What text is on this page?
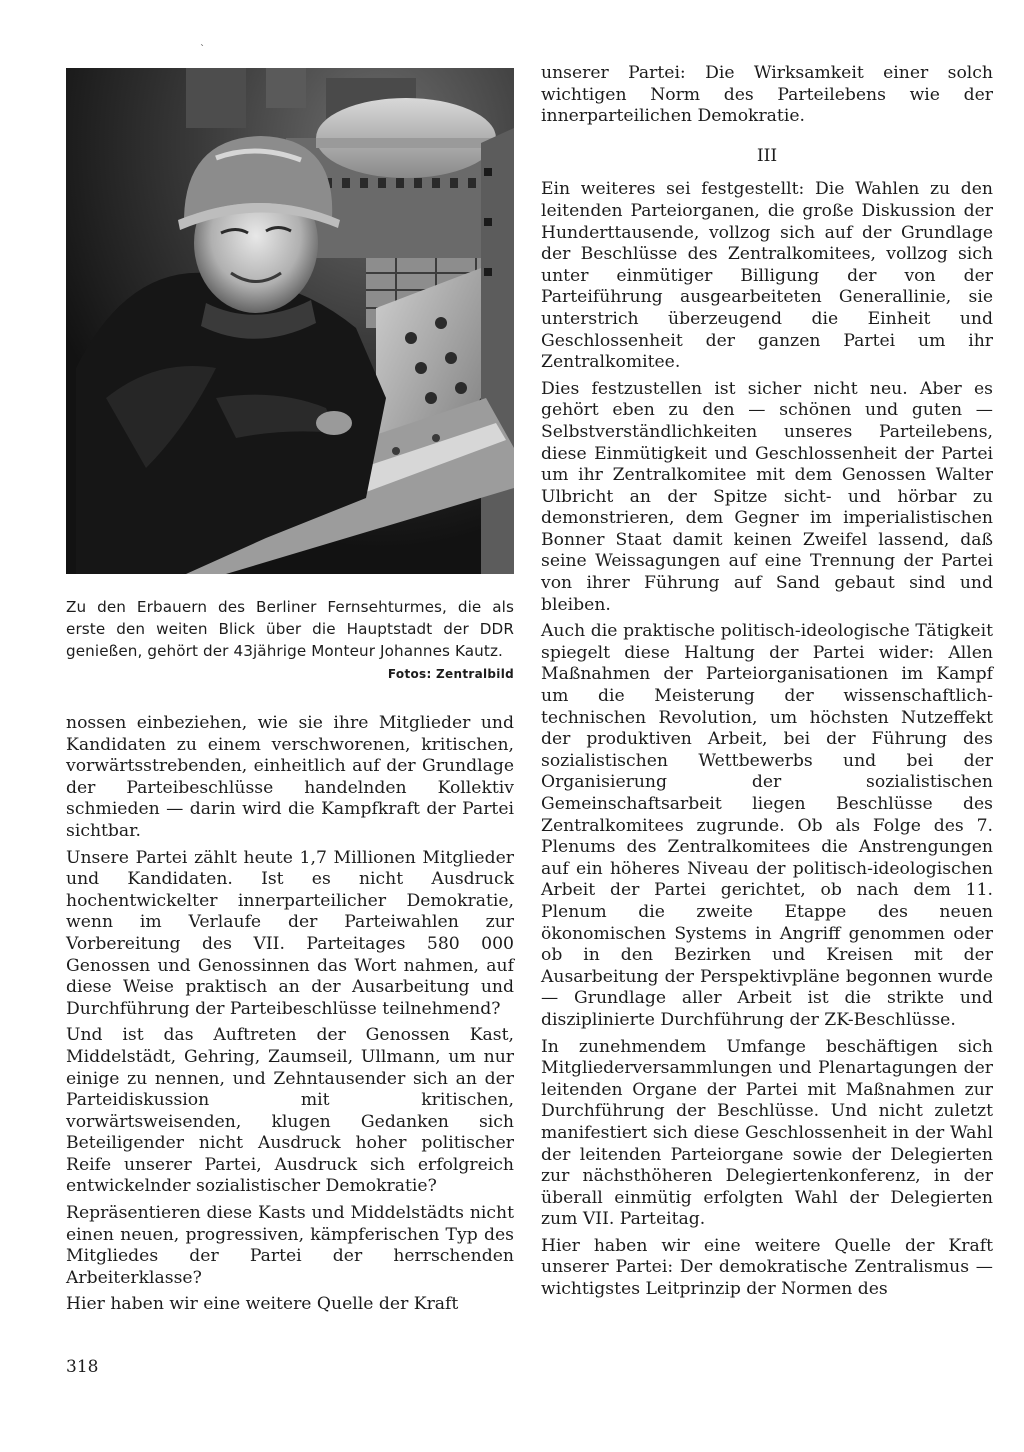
`
Zu den Erbauern des Berliner Fernsehturmes, die als erste den weiten Blick über die Hauptstadt der DDR genießen, gehört der 43jährige Monteur Johannes Kautz.
Fotos: Zentralbild

nossen einbeziehen, wie sie ihre Mitglieder und Kandidaten zu einem verschworenen, kritischen, vorwärtsstrebenden, einheitlich auf der Grundlage der Parteibeschlüsse handelnden Kollektiv schmieden — darin wird die Kampfkraft der Partei sichtbar.

Unsere Partei zählt heute 1,7 Millionen Mitglieder und Kandidaten. Ist es nicht Ausdruck hochentwickelter innerparteilicher Demokratie, wenn im Verlaufe der Parteiwahlen zur Vorbereitung des VII. Parteitages 580 000 Genossen und Genossinnen das Wort nahmen, auf diese Weise praktisch an der Ausarbeitung und Durchführung der Parteibeschlüsse teilnehmend?

Und ist das Auftreten der Genossen Kast, Middelstädt, Gehring, Zaumseil, Ullmann, um nur einige zu nennen, und Zehntausender sich an der Parteidiskussion mit kritischen, vorwärtsweisenden, klugen Gedanken sich Beteiligender nicht Ausdruck hoher politischer Reife unserer Partei, Ausdruck sich erfolgreich entwickelnder sozialistischer Demokratie?

Repräsentieren diese Kasts und Middelstädts nicht einen neuen, progressiven, kämpferischen Typ des Mitgliedes der Partei der herrschenden Arbeiterklasse?

Hier haben wir eine weitere Quelle der Kraft

unserer Partei: Die Wirksamkeit einer solch wichtigen Norm des Parteilebens wie der innerparteilichen Demokratie.

III

Ein weiteres sei festgestellt: Die Wahlen zu den leitenden Parteiorganen, die große Diskussion der Hunderttausende, vollzog sich auf der Grundlage der Beschlüsse des Zentralkomitees, vollzog sich unter einmütiger Billigung der von der Parteiführung ausgearbeiteten Generallinie, sie unterstrich überzeugend die Einheit und Geschlossenheit der ganzen Partei um ihr Zentralkomitee.

Dies festzustellen ist sicher nicht neu. Aber es gehört eben zu den — schönen und guten — Selbstverständlichkeiten unseres Parteilebens, diese Einmütigkeit und Geschlossenheit der Partei um ihr Zentralkomitee mit dem Genossen Walter Ulbricht an der Spitze sicht- und hörbar zu demonstrieren, dem Gegner im imperialistischen Bonner Staat damit keinen Zweifel lassend, daß seine Weissagungen auf eine Trennung der Partei von ihrer Führung auf Sand gebaut sind und bleiben.

Auch die praktische politisch-ideologische Tätigkeit spiegelt diese Haltung der Partei wider: Allen Maßnahmen der Parteiorganisationen im Kampf um die Meisterung der wissenschaftlich-technischen Revolution, um höchsten Nutzeffekt der produktiven Arbeit, bei der Führung des sozialistischen Wettbewerbs und bei der Organisierung der sozialistischen Gemeinschaftsarbeit liegen Beschlüsse des Zentralkomitees zugrunde. Ob als Folge des 7. Plenums des Zentralkomitees die Anstrengungen auf ein höheres Niveau der politisch-ideologischen Arbeit der Partei gerichtet, ob nach dem 11. Plenum die zweite Etappe des neuen ökonomischen Systems in Angriff genommen oder ob in den Bezirken und Kreisen mit der Ausarbeitung der Perspektivpläne begonnen wurde — Grundlage aller Arbeit ist die strikte und disziplinierte Durchführung der ZK-Beschlüsse.

In zunehmendem Umfange beschäftigen sich Mitgliederversammlungen und Plenartagungen der leitenden Organe der Partei mit Maßnahmen zur Durchführung der Beschlüsse. Und nicht zuletzt manifestiert sich diese Geschlossenheit in der Wahl der leitenden Parteiorgane sowie der Delegierten zur nächsthöheren Delegiertenkonferenz, in der überall einmütig erfolgten Wahl der Delegierten zum VII. Parteitag.

Hier haben wir eine weitere Quelle der Kraft unserer Partei: Der demokratische Zentralismus — wichtigstes Leitprinzip der Normen des

318
